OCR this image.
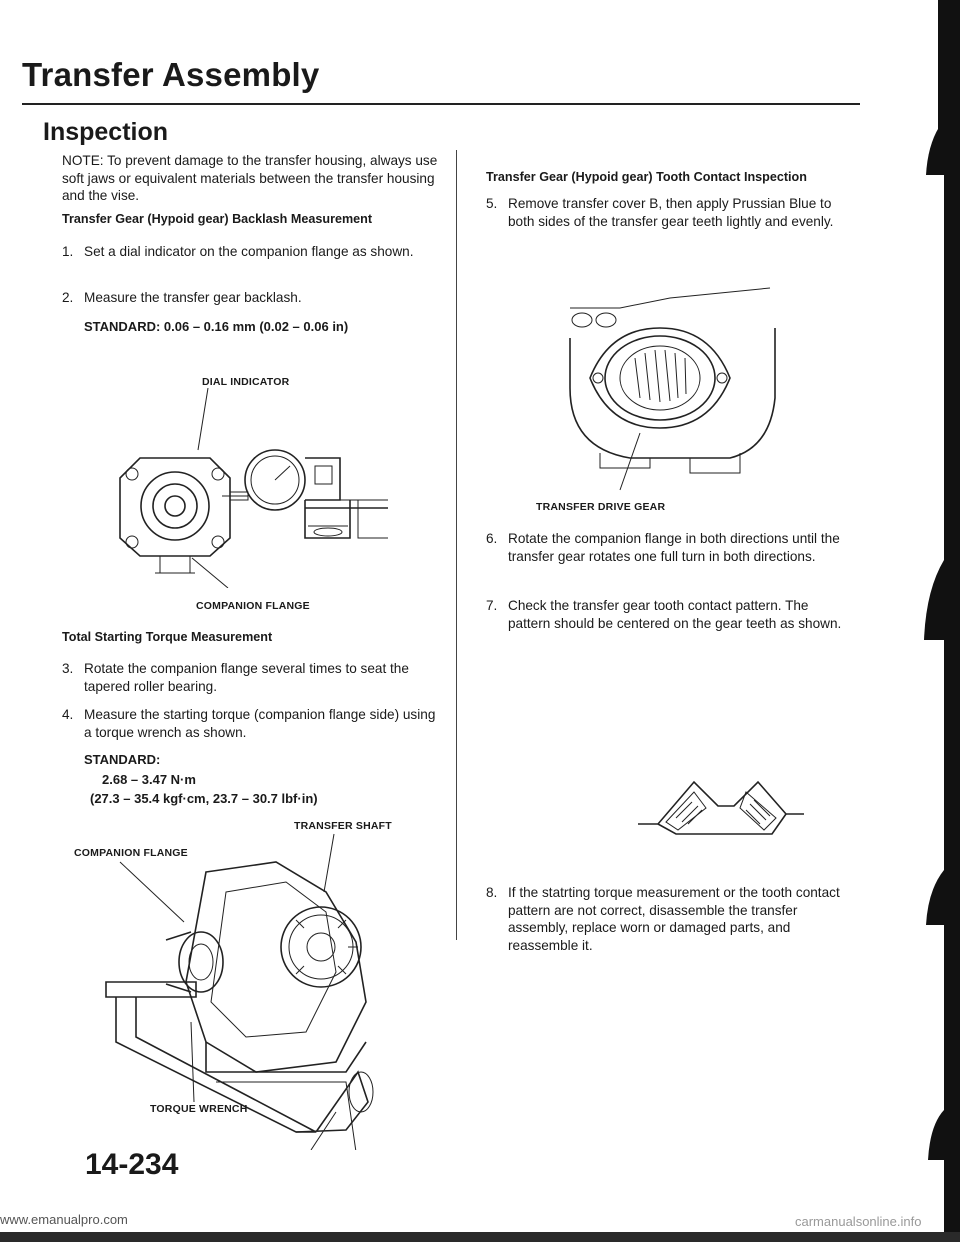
Transfer Assembly
Inspection
NOTE: To prevent damage to the transfer housing, always use soft jaws or equivalent materials between the transfer housing and the vise.
Transfer Gear (Hypoid gear) Backlash Measurement
1. Set a dial indicator on the companion flange as shown.
2. Measure the transfer gear backlash.
STANDARD: 0.06 – 0.16 mm (0.02 – 0.06 in)
DIAL INDICATOR
COMPANION FLANGE
Total Starting Torque Measurement
3. Rotate the companion flange several times to seat the tapered roller bearing.
4. Measure the starting torque (companion flange side) using a torque wrench as shown.
STANDARD:
2.68 – 3.47 N·m
(27.3 – 35.4 kgf·cm, 23.7 – 30.7 lbf·in)
TRANSFER SHAFT
COMPANION FLANGE
TORQUE WRENCH
14-234
Transfer Gear (Hypoid gear) Tooth Contact Inspection
5. Remove transfer cover B, then apply Prussian Blue to both sides of the transfer gear teeth lightly and evenly.
TRANSFER DRIVE GEAR
6. Rotate the companion flange in both directions until the transfer gear rotates one full turn in both directions.
7. Check the transfer gear tooth contact pattern. The pattern should be centered on the gear teeth as shown.
8. If the statrting torque measurement or the tooth contact pattern are not correct, disassemble the transfer assembly, replace worn or damaged parts, and reassemble it.
www.emanualpro.com	carmanualsonline.info
